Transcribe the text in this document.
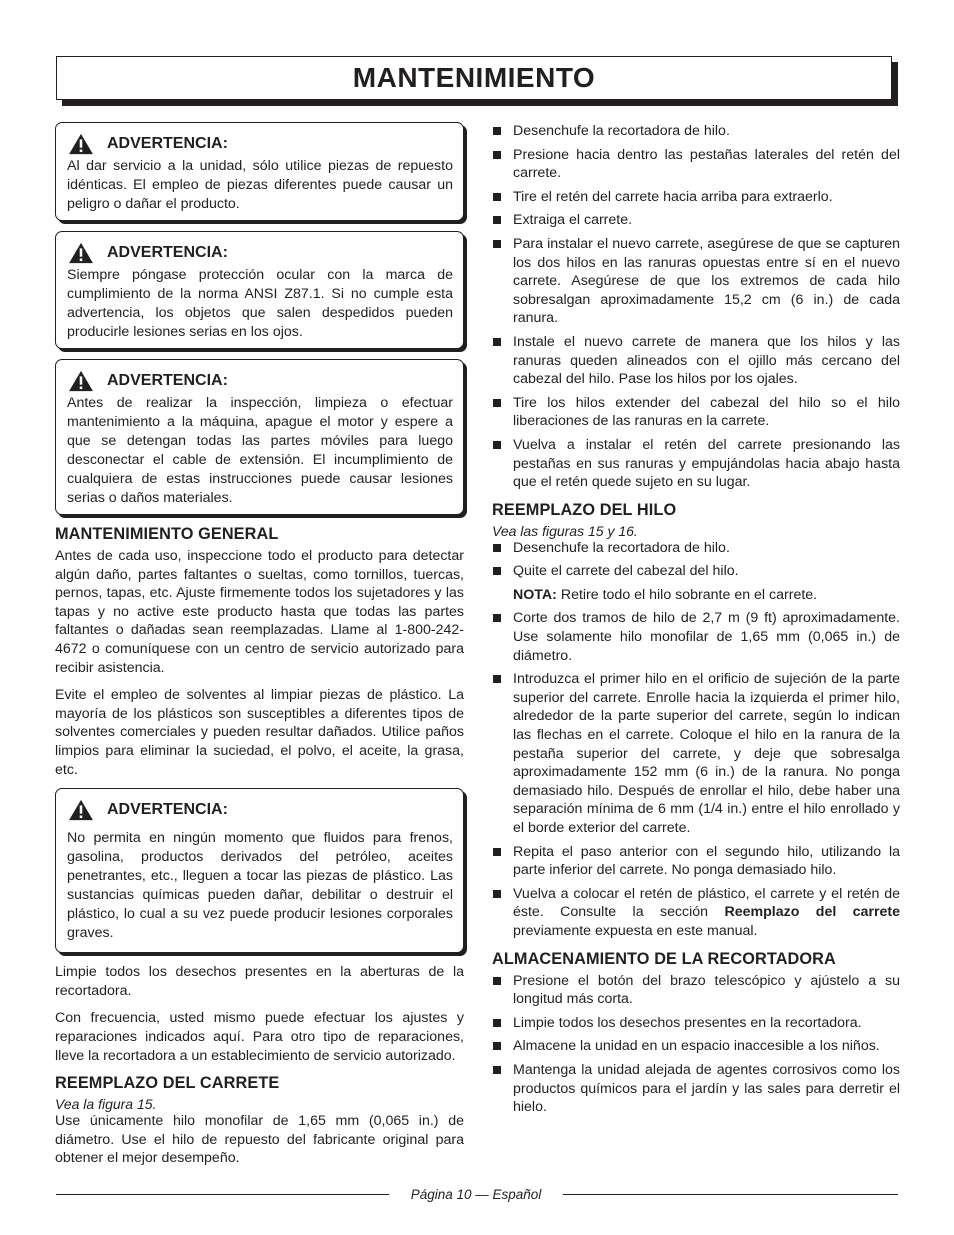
MANTENIMIENTO
ADVERTENCIA:
Al dar servicio a la unidad, sólo utilice piezas de repuesto idénticas. El empleo de piezas diferentes puede causar un peligro o dañar el producto.
ADVERTENCIA:
Siempre póngase protección ocular con la marca de cumplimiento de la norma ANSI Z87.1. Si no cumple esta advertencia, los objetos que salen despedidos pueden producirle lesiones serias en los ojos.
ADVERTENCIA:
Antes de realizar la inspección, limpieza o efectuar mantenimiento a la máquina, apague el motor y espere a que se detengan todas las partes móviles para luego desconectar el cable de extensión. El incumplimiento de cualquiera de estas instrucciones puede causar lesiones serias o daños materiales.
MANTENIMIENTO GENERAL

Antes de cada uso, inspeccione todo el producto para detectar algún daño, partes faltantes o sueltas, como tornillos, tuercas, pernos, tapas, etc. Ajuste firmemente todos los sujetadores y las tapas y no active este producto hasta que todas las partes faltantes o dañadas sean reemplazadas. Llame al 1-800-242-4672 o comuníquese con un centro de servicio autorizado para recibir asistencia.

Evite el empleo de solventes al limpiar piezas de plástico. La mayoría de los plásticos son susceptibles a diferentes tipos de solventes comerciales y pueden resultar dañados. Utilice paños limpios para eliminar la suciedad, el polvo, el aceite, la grasa, etc.

ADVERTENCIA:
No permita en ningún momento que fluidos para frenos, gasolina, productos derivados del petróleo, aceites penetrantes, etc., lleguen a tocar las piezas de plástico. Las sustancias químicas pueden dañar, debilitar o destruir el plástico, lo cual a su vez puede producir lesiones corporales graves.

Limpie todos los desechos presentes en la aberturas de la recortadora.

Con frecuencia, usted mismo puede efectuar los ajustes y reparaciones indicados aquí. Para otro tipo de reparaciones, lleve la recortadora a un establecimiento de servicio autorizado.

REEMPLAZO DEL CARRETE

Vea la figura 15.

Use únicamente hilo monofilar de 1,65 mm (0,065 in.) de diámetro. Use el hilo de repuesto del fabricante original para obtener el mejor desempeño.

Desenchufe la recortadora de hilo.
Presione hacia dentro las pestañas laterales del retén del carrete.
Tire el retén del carrete hacia arriba para extraerlo.
Extraiga el carrete.
Para instalar el nuevo carrete, asegúrese de que se capturen los dos hilos en las ranuras opuestas entre sí en el nuevo carrete. Asegúrese de que los extremos de cada hilo sobresalgan aproximadamente 15,2 cm (6 in.) de cada ranura.
Instale el nuevo carrete de manera que los hilos y las ranuras queden alineados con el ojillo más cercano del cabezal del hilo. Pase los hilos por los ojales.
Tire los hilos extender del cabezal del hilo so el hilo liberaciones de las ranuras en la carrete.
Vuelva a instalar el retén del carrete presionando las pestañas en sus ranuras y empujándolas hacia abajo hasta que el retén quede sujeto en su lugar.
REEMPLAZO DEL HILO

Vea las figuras 15 y 16.

Desenchufe la recortadora de hilo.
Quite el carrete del cabezal del hilo.
NOTA: Retire todo el hilo sobrante en el carrete.
Corte dos tramos de hilo de 2,7 m (9 ft) aproximadamente. Use solamente hilo monofilar de 1,65 mm (0,065 in.) de diámetro.
Introduzca el primer hilo en el orificio de sujeción de la parte superior del carrete. Enrolle hacia la izquierda el primer hilo, alrededor de la parte superior del carrete, según lo indican las flechas en el carrete. Coloque el hilo en la ranura de la pestaña superior del carrete, y deje que sobresalga aproximadamente 152 mm (6 in.) de la ranura. No ponga demasiado hilo. Después de enrollar el hilo, debe haber una separación mínima de 6 mm (1/4 in.) entre el hilo enrollado y el borde exterior del carrete.
Repita el paso anterior con el segundo hilo, utilizando la parte inferior del carrete. No ponga demasiado hilo.
Vuelva a colocar el retén de plástico, el carrete y el retén de éste. Consulte la sección Reemplazo del carrete previamente expuesta en este manual.
ALMACENAMIENTO DE LA RECORTADORA
Presione el botón del brazo telescópico y ajústelo a su longitud más corta.
Limpie todos los desechos presentes en la recortadora.
Almacene la unidad en un espacio inaccesible a los niños.
Mantenga la unidad alejada de agentes corrosivos como los productos químicos para el jardín y las sales para derretir el hielo.
Página 10 — Español
